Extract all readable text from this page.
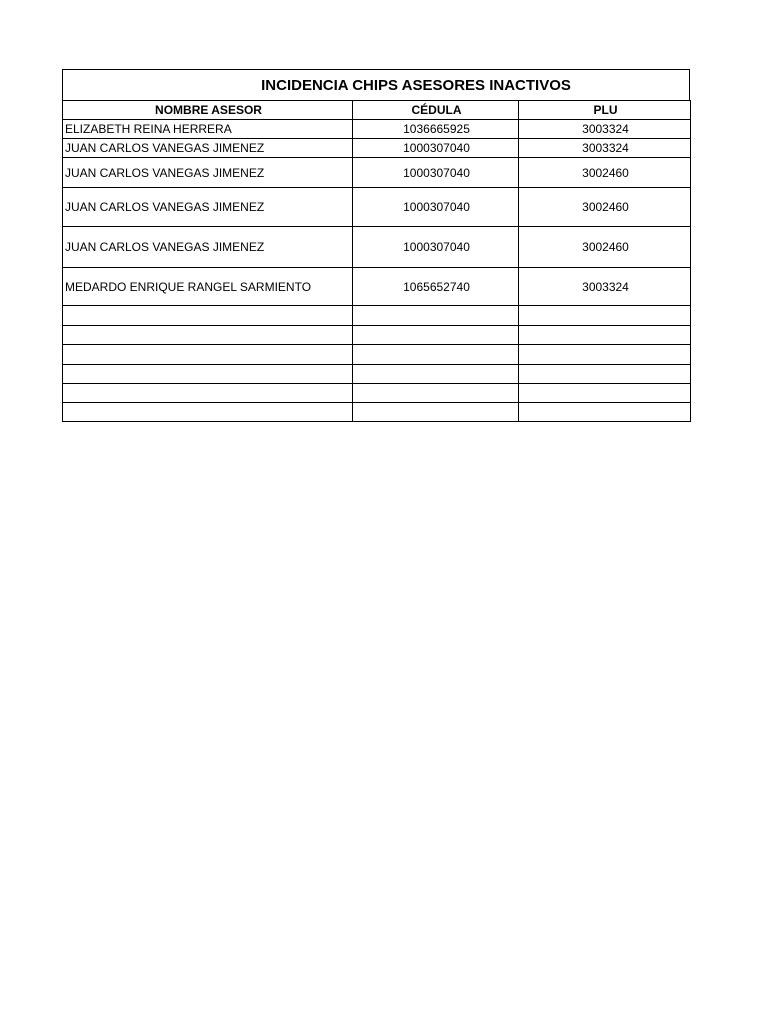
INCIDENCIA CHIPS ASESORES INACTIVOS
NOMBRE ASESOR	CÉDULA	PLU
ELIZABETH REINA HERRERA	1036665925	3003324
JUAN CARLOS VANEGAS JIMENEZ	1000307040	3003324
JUAN CARLOS VANEGAS JIMENEZ	1000307040	3002460
JUAN CARLOS VANEGAS JIMENEZ	1000307040	3002460
JUAN CARLOS VANEGAS JIMENEZ	1000307040	3002460
MEDARDO ENRIQUE RANGEL SARMIENTO	1065652740	3003324
